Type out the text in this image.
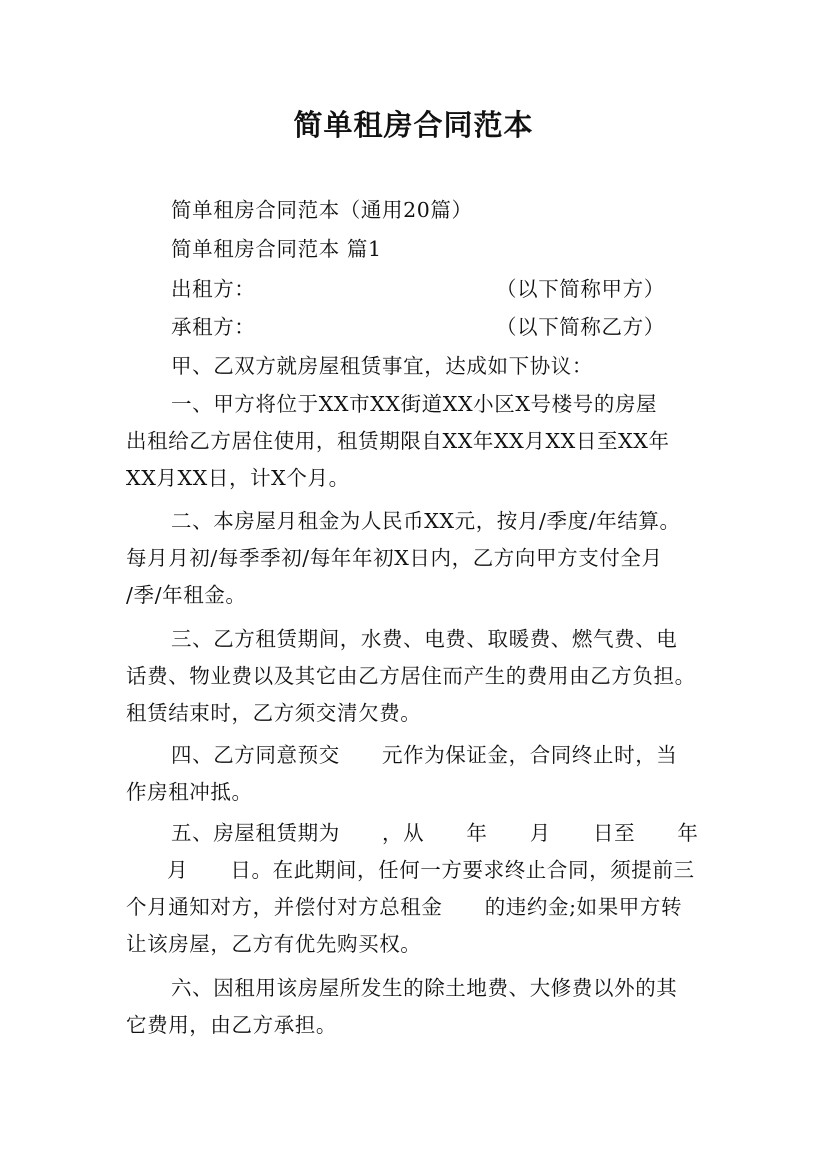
简单租房合同范本
简单租房合同范本（通用20篇）
简单租房合同范本 篇1
出租方：	（以下简称甲方）
承租方：	（以下简称乙方）
甲、乙双方就房屋租赁事宜，达成如下协议：
一、甲方将位于XX市XX街道XX小区X号楼号的房屋
出租给乙方居住使用，租赁期限自XX年XX月XX日至XX年
XX月XX日，计X个月。
二、本房屋月租金为人民币XX元，按月/季度/年结算。
每月月初/每季季初/每年年初X日内，乙方向甲方支付全月
/季/年租金。
三、乙方租赁期间，水费、电费、取暖费、燃气费、电
话费、物业费以及其它由乙方居住而产生的费用由乙方负担。
租赁结束时，乙方须交清欠费。
四、乙方同意预交　　元作为保证金，合同终止时，当
作房租冲抵。
五、房屋租赁期为　　，从　　年　　月　　日至　　年
　月　　日。在此期间，任何一方要求终止合同，须提前三
个月通知对方，并偿付对方总租金　　的违约金;如果甲方转
让该房屋，乙方有优先购买权。
六、因租用该房屋所发生的除土地费、大修费以外的其
它费用，由乙方承担。
